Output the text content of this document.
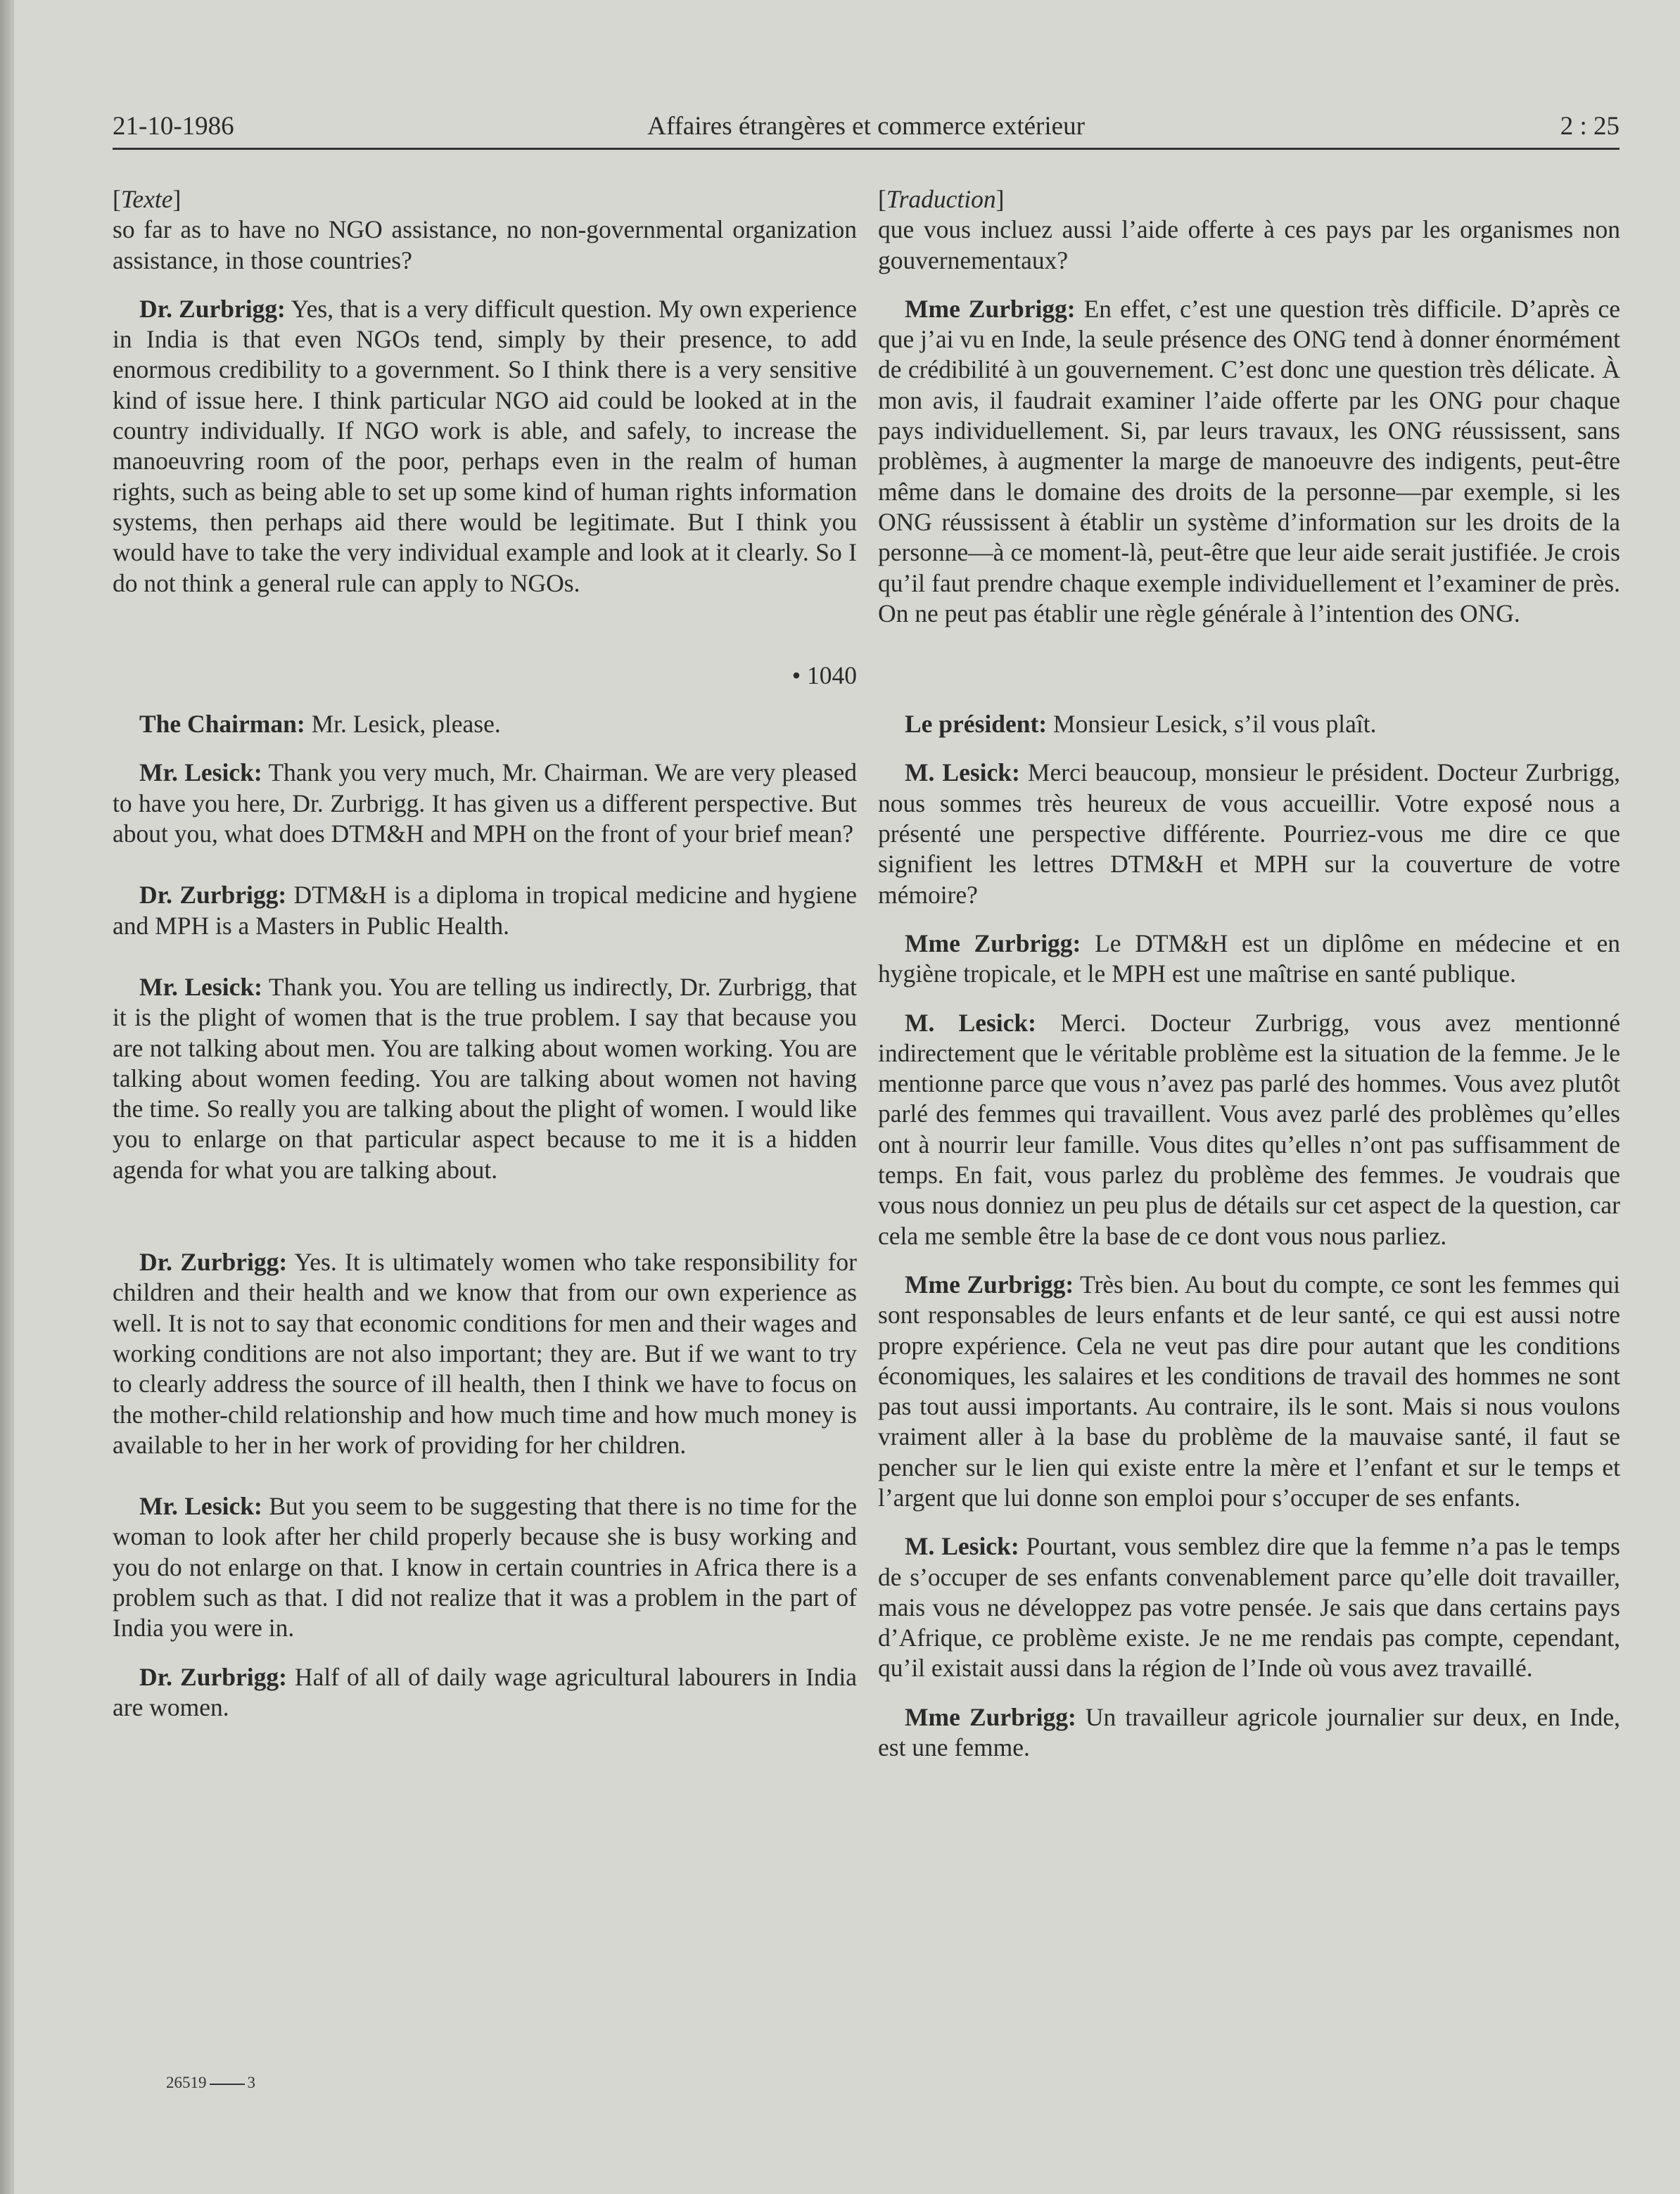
21-10-1986	Affaires étrangères et commerce extérieur	2 : 25

[Texte]

so far as to have no NGO assistance, no non-governmental organization assistance, in those countries?

Dr. Zurbrigg: Yes, that is a very difficult question. My own experience in India is that even NGOs tend, simply by their presence, to add enormous credibility to a government. So I think there is a very sensitive kind of issue here. I think particular NGO aid could be looked at in the country individually. If NGO work is able, and safely, to increase the manoeuvring room of the poor, perhaps even in the realm of human rights, such as being able to set up some kind of human rights information systems, then perhaps aid there would be legitimate. But I think you would have to take the very individual example and look at it clearly. So I do not think a general rule can apply to NGOs.

• 1040

The Chairman: Mr. Lesick, please.

Mr. Lesick: Thank you very much, Mr. Chairman. We are very pleased to have you here, Dr. Zurbrigg. It has given us a different perspective. But about you, what does DTM&H and MPH on the front of your brief mean?

Dr. Zurbrigg: DTM&H is a diploma in tropical medicine and hygiene and MPH is a Masters in Public Health.

Mr. Lesick: Thank you. You are telling us indirectly, Dr. Zurbrigg, that it is the plight of women that is the true problem. I say that because you are not talking about men. You are talking about women working. You are talking about women feeding. You are talking about women not having the time. So really you are talking about the plight of women. I would like you to enlarge on that particular aspect because to me it is a hidden agenda for what you are talking about.

Dr. Zurbrigg: Yes. It is ultimately women who take responsibility for children and their health and we know that from our own experience as well. It is not to say that economic conditions for men and their wages and working conditions are not also important; they are. But if we want to try to clearly address the source of ill health, then I think we have to focus on the mother-child relationship and how much time and how much money is available to her in her work of providing for her children.

Mr. Lesick: But you seem to be suggesting that there is no time for the woman to look after her child properly because she is busy working and you do not enlarge on that. I know in certain countries in Africa there is a problem such as that. I did not realize that it was a problem in the part of India you were in.

Dr. Zurbrigg: Half of all of daily wage agricultural labourers in India are women.

[Traduction]

que vous incluez aussi l’aide offerte à ces pays par les organismes non gouvernementaux?

Mme Zurbrigg: En effet, c’est une question très difficile. D’après ce que j’ai vu en Inde, la seule présence des ONG tend à donner énormément de crédibilité à un gouvernement. C’est donc une question très délicate. À mon avis, il faudrait examiner l’aide offerte par les ONG pour chaque pays individuellement. Si, par leurs travaux, les ONG réussissent, sans problèmes, à augmenter la marge de manoeuvre des indigents, peut-être même dans le domaine des droits de la personne—par exemple, si les ONG réussissent à établir un système d’information sur les droits de la personne—à ce moment-là, peut-être que leur aide serait justifiée. Je crois qu’il faut prendre chaque exemple individuellement et l’examiner de près. On ne peut pas établir une règle générale à l’intention des ONG.

Le président: Monsieur Lesick, s’il vous plaît.

M. Lesick: Merci beaucoup, monsieur le président. Docteur Zurbrigg, nous sommes très heureux de vous accueillir. Votre exposé nous a présenté une perspective différente. Pourriez-vous me dire ce que signifient les lettres DTM&H et MPH sur la couverture de votre mémoire?

Mme Zurbrigg: Le DTM&H est un diplôme en médecine et en hygiène tropicale, et le MPH est une maîtrise en santé publique.

M. Lesick: Merci. Docteur Zurbrigg, vous avez mentionné indirectement que le véritable problème est la situation de la femme. Je le mentionne parce que vous n’avez pas parlé des hommes. Vous avez plutôt parlé des femmes qui travaillent. Vous avez parlé des problèmes qu’elles ont à nourrir leur famille. Vous dites qu’elles n’ont pas suffisamment de temps. En fait, vous parlez du problème des femmes. Je voudrais que vous nous donniez un peu plus de détails sur cet aspect de la question, car cela me semble être la base de ce dont vous nous parliez.

Mme Zurbrigg: Très bien. Au bout du compte, ce sont les femmes qui sont responsables de leurs enfants et de leur santé, ce qui est aussi notre propre expérience. Cela ne veut pas dire pour autant que les conditions économiques, les salaires et les conditions de travail des hommes ne sont pas tout aussi importants. Au contraire, ils le sont. Mais si nous voulons vraiment aller à la base du problème de la mauvaise santé, il faut se pencher sur le lien qui existe entre la mère et l’enfant et sur le temps et l’argent que lui donne son emploi pour s’occuper de ses enfants.

M. Lesick: Pourtant, vous semblez dire que la femme n’a pas le temps de s’occuper de ses enfants convenablement parce qu’elle doit travailler, mais vous ne développez pas votre pensée. Je sais que dans certains pays d’Afrique, ce problème existe. Je ne me rendais pas compte, cependant, qu’il existait aussi dans la région de l’Inde où vous avez travaillé.

Mme Zurbrigg: Un travailleur agricole journalier sur deux, en Inde, est une femme.

26519	3
